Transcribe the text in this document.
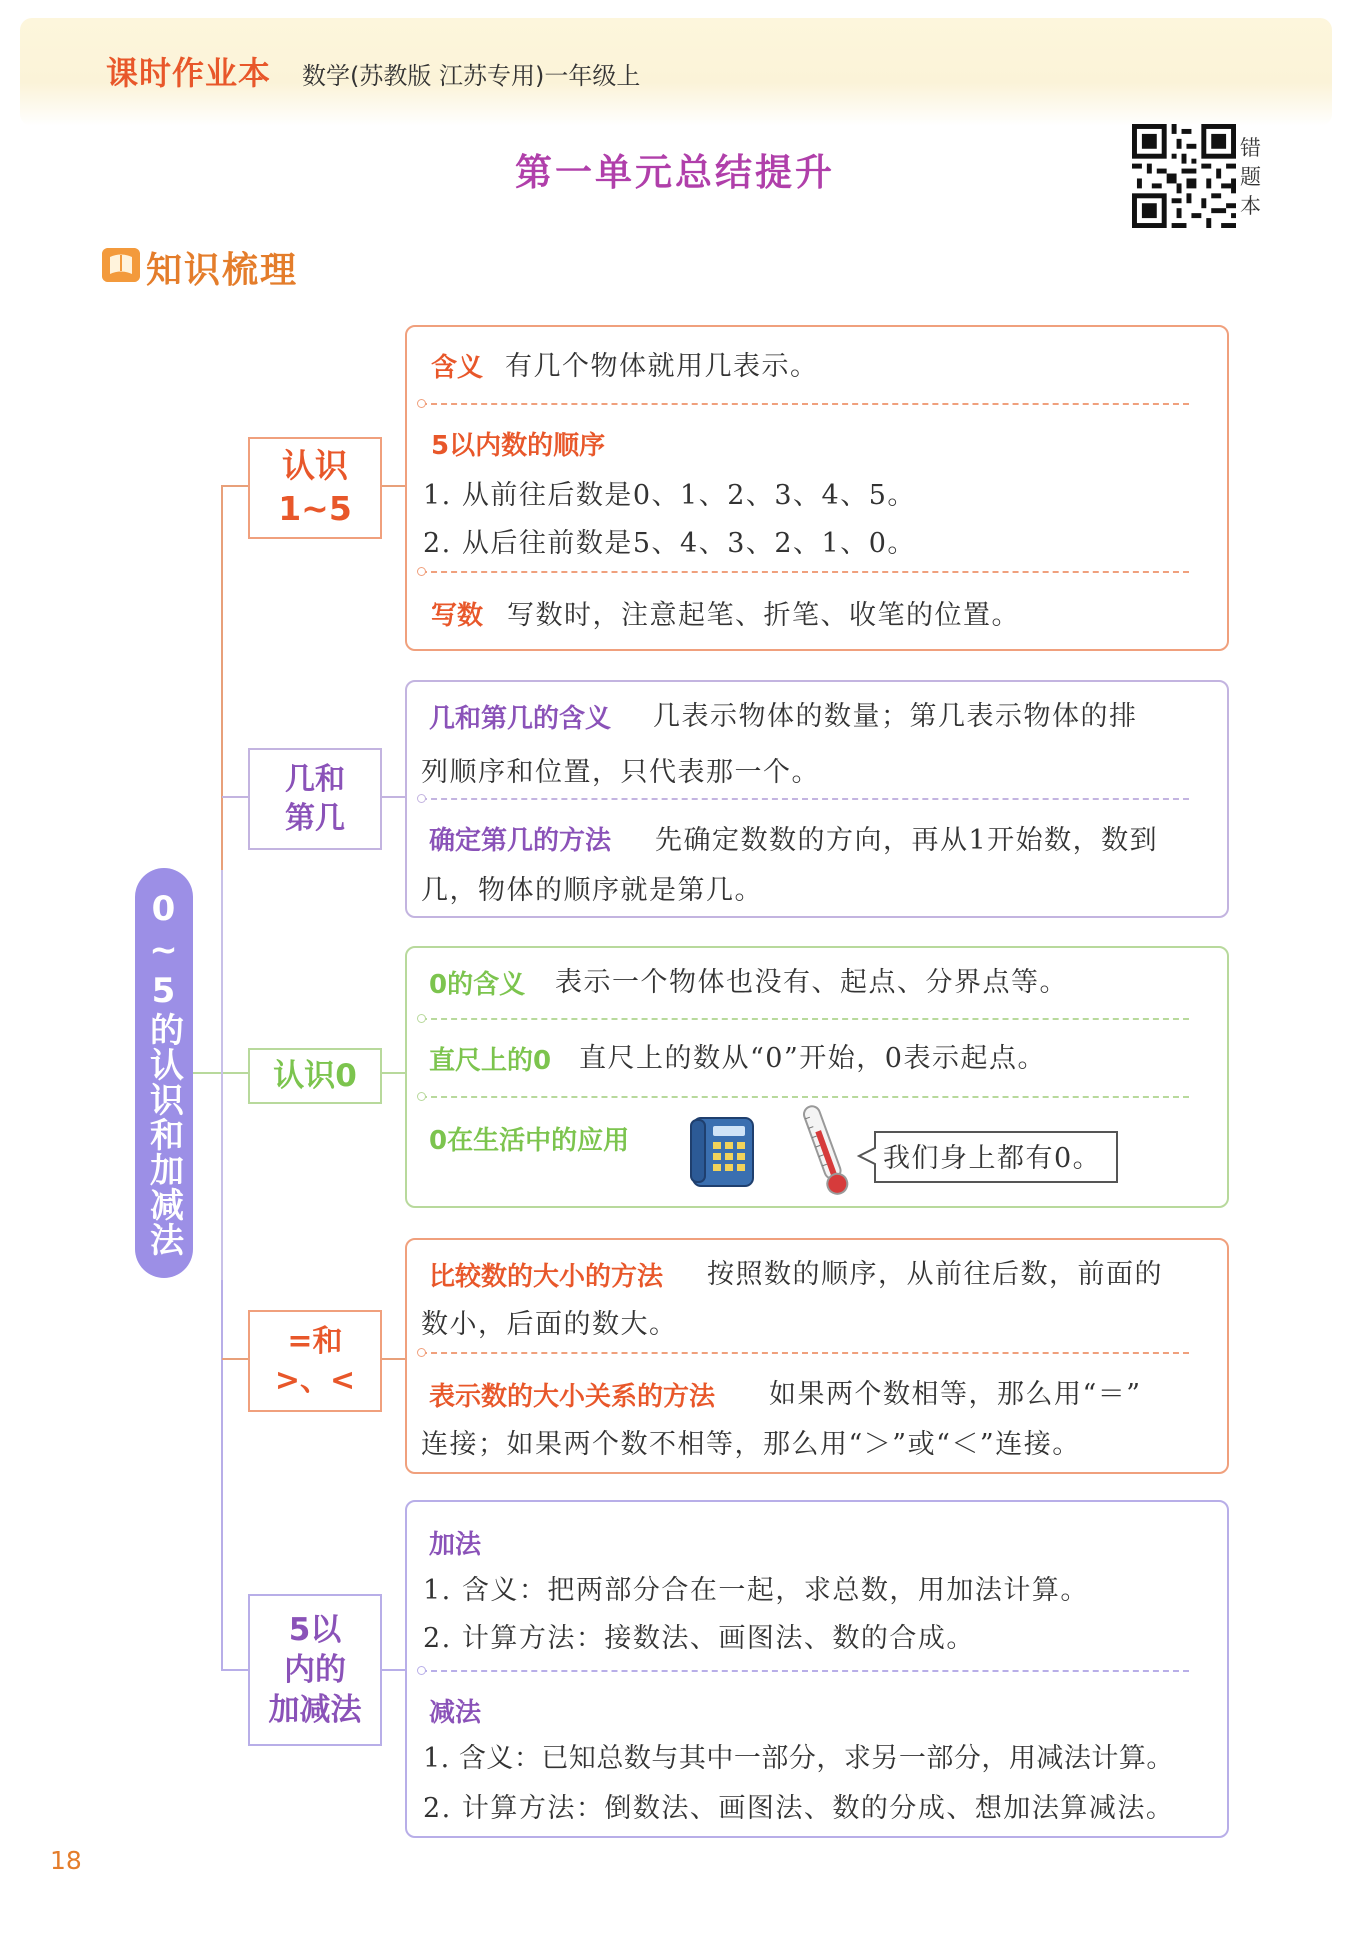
课时作业本 数学(苏教版 江苏专用)一年级上
第一单元总结提升
错题本
知识梳理
0~5的认识和加减法
认识
1~5
几和
第几
认识0
=和
>、<
5以
内的
加减法
含义 有几个物体就用几表示。
5以内数的顺序
1. 从前往后数是0、1、2、3、4、5。
2. 从后往前数是5、4、3、2、1、0。
写数 写数时，注意起笔、折笔、收笔的位置。
几和第几的含义 几表示物体的数量；第几表示物体的排
列顺序和位置，只代表那一个。
确定第几的方法 先确定数数的方向，再从1开始数，数到
几，物体的顺序就是第几。
0的含义 表示一个物体也没有、起点、分界点等。
直尺上的0 直尺上的数从“0”开始，0表示起点。
0在生活中的应用
我们身上都有0。
比较数的大小的方法 按照数的顺序，从前往后数，前面的
数小，后面的数大。
表示数的大小关系的方法 如果两个数相等，那么用“＝”
连接；如果两个数不相等，那么用“＞”或“＜”连接。
加法
1. 含义：把两部分合在一起，求总数，用加法计算。
2. 计算方法：接数法、画图法、数的合成。
减法
1. 含义：已知总数与其中一部分，求另一部分，用减法计算。
2. 计算方法：倒数法、画图法、数的分成、想加法算减法。
18
